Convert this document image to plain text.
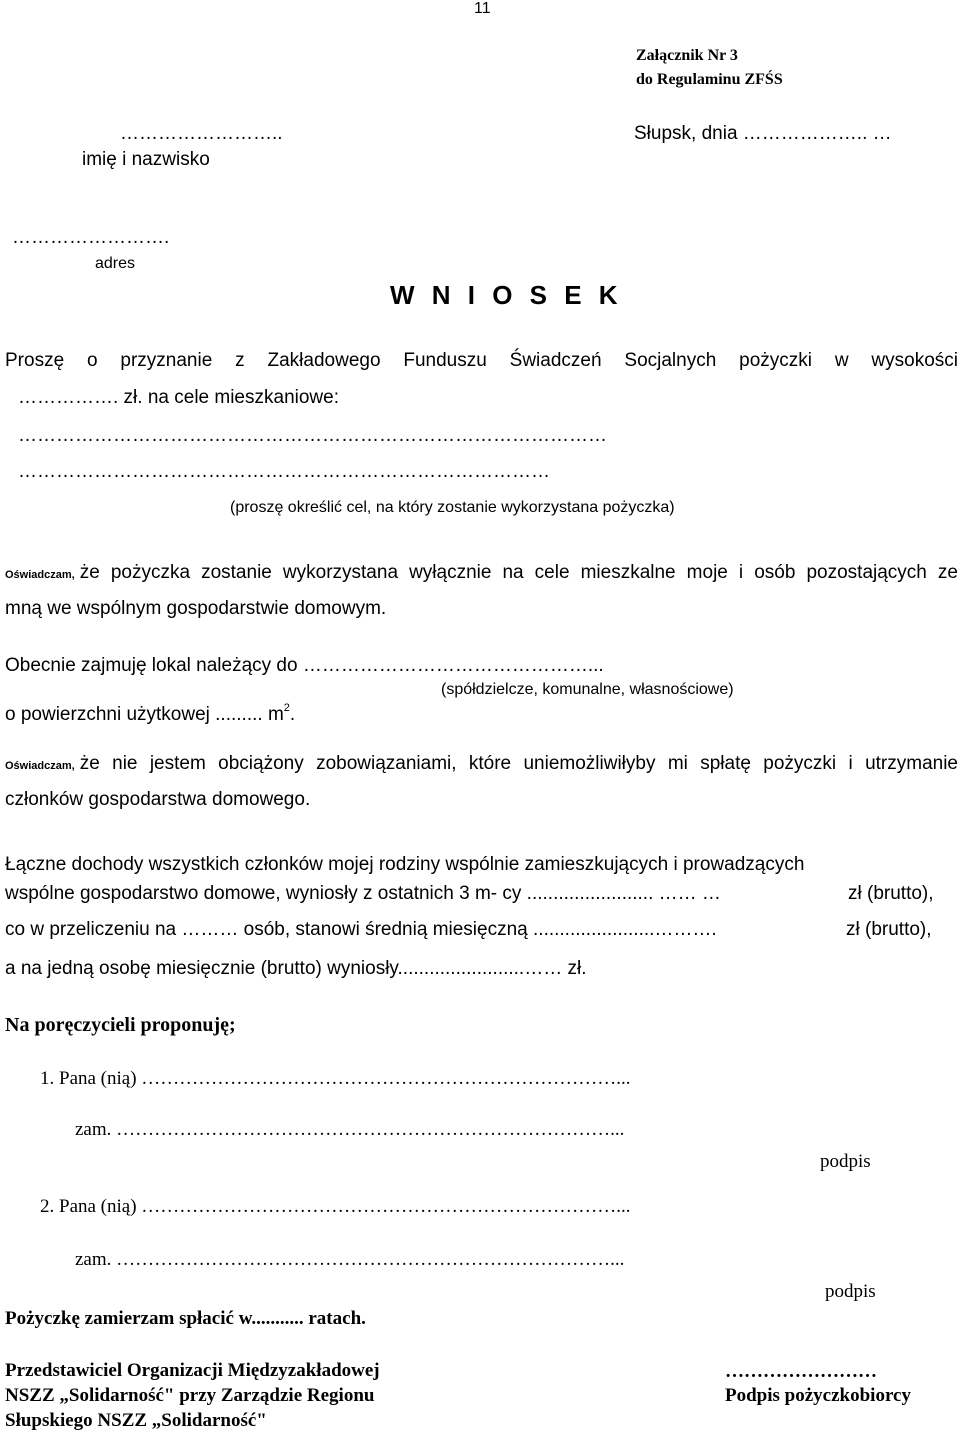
11
Załącznik Nr 3
do Regulaminu ZFŚS
……………………..	Słupsk, dnia ……………….. …
imię i nazwisko
…………………….
adres
W N I O S E K
Proszę o przyznanie z Zakładowego Funduszu Świadczeń Socjalnych pożyczki w wysokości
……………. zł. na cele mieszkaniowe:
…………………………………………………………………………………
…………………………………………………………………………
(proszę określić cel, na który zostanie wykorzystana pożyczka)
Oświadczam, że pożyczka zostanie wykorzystana wyłącznie na cele mieszkalne moje i osób pozostających ze
mną we wspólnym gospodarstwie domowym.
Obecnie zajmuję lokal należący do ………………………………………...
(spółdzielcze, komunalne, własnościowe)
o powierzchni użytkowej ......... $m^2$.
Oświadczam, że nie jestem obciążony zobowiązaniami, które uniemożliwiłyby mi spłatę pożyczki i utrzymanie
członków gospodarstwa domowego.
Łączne dochody wszystkich członków mojej rodziny wspólnie zamieszkujących i prowadzących
wspólne gospodarstwo domowe, wyniosły z ostatnich 3 m- cy ........................ …… …	zł (brutto),
co w przeliczeniu na ……… osób, stanowi średnią miesięczną .......................……….	zł (brutto),
a na jedną osobę miesięcznie (brutto) wyniosły........................…… zł.
Na poręczycieli proponuję;
1. Pana (nią) …………………………………………………………………...
zam. ……………………………………………………………………...
podpis
2. Pana (nią) …………………………………………………………………...
zam. ……………………………………………………………………...
podpis
Pożyczkę zamierzam spłacić w........... ratach.
Przedstawiciel Organizacji Międzyzakładowej
NSZZ „Solidarność" przy Zarządzie Regionu
Słupskiego NSZZ „Solidarność"
……………………
Podpis pożyczkobiorcy
